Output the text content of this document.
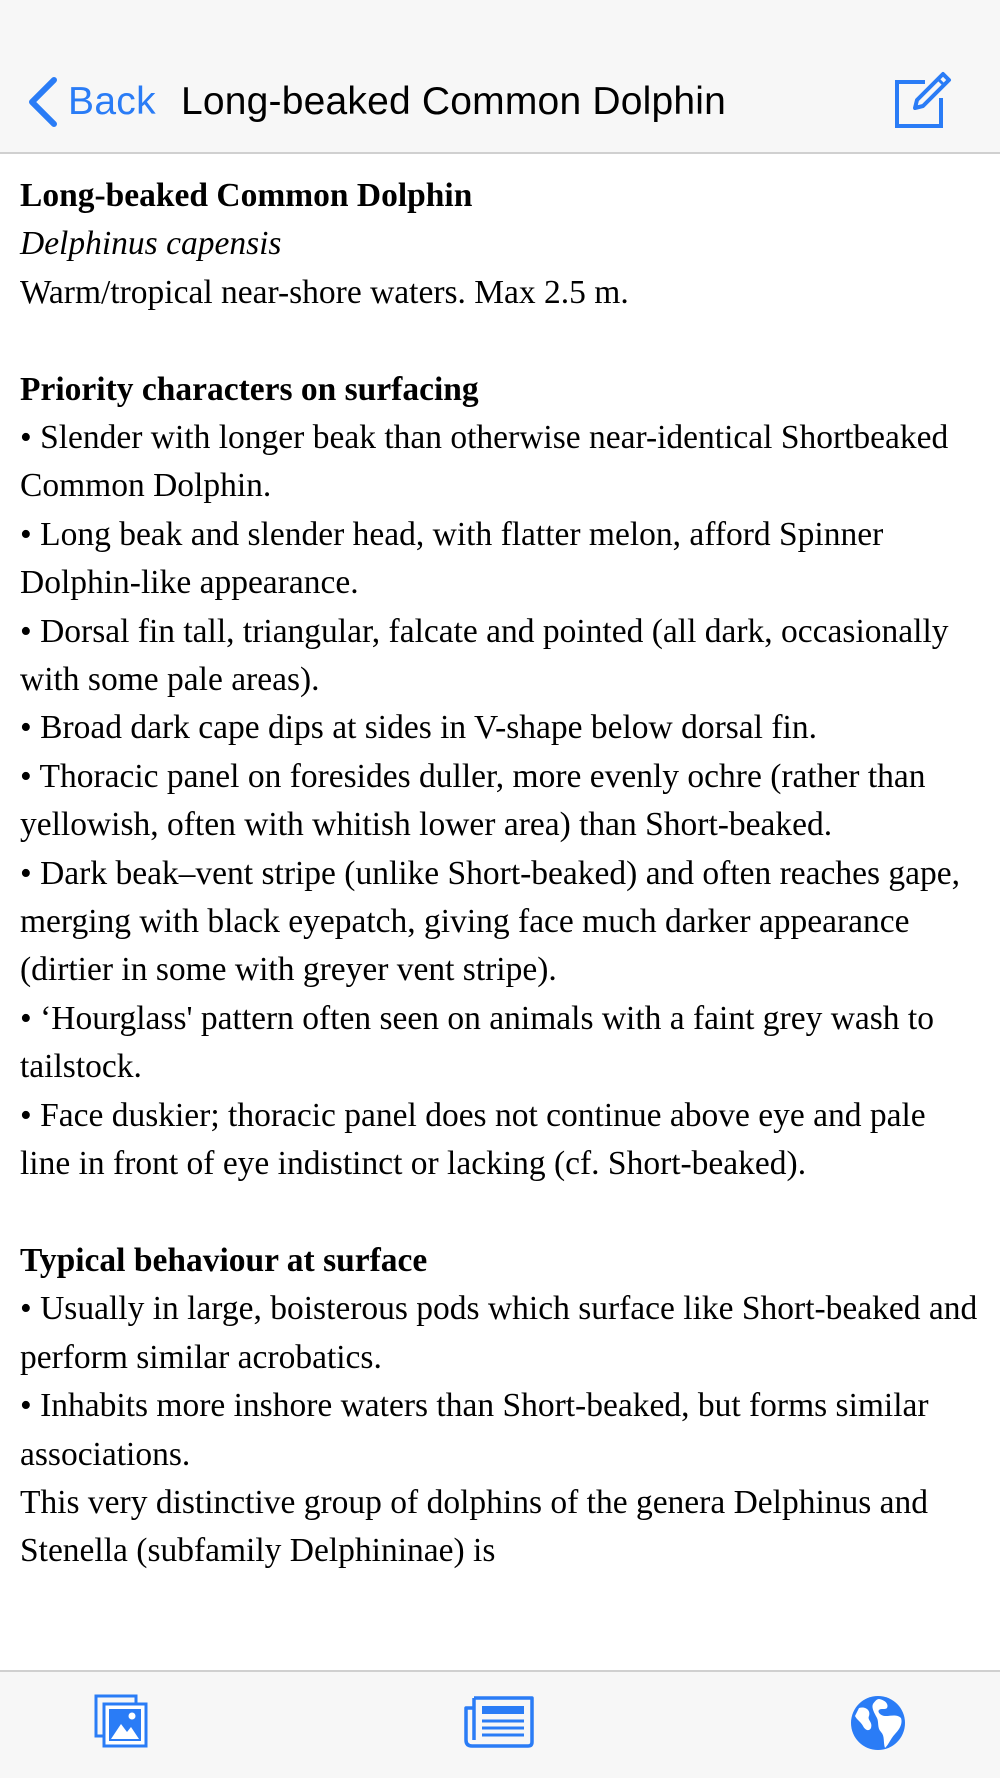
Back Long-beaked Common Dolphin

Long-beaked Common Dolphin

Delphinus capensis

Warm/tropical near-shore waters. Max 2.5 m.

Priority characters on surfacing

• Slender with longer beak than otherwise near-identical Shortbeaked Common Dolphin.

• Long beak and slender head, with flatter melon, afford Spinner Dolphin-like appearance.

• Dorsal fin tall, triangular, falcate and pointed (all dark, occasionally with some pale areas).

• Broad dark cape dips at sides in V-shape below dorsal fin.

• Thoracic panel on foresides duller, more evenly ochre (rather than yellowish, often with whitish lower area) than Short-beaked.

• Dark beak–vent stripe (unlike Short-beaked) and often reaches gape, merging with black eyepatch, giving face much darker appearance (dirtier in some with greyer vent stripe).

• ‘Hourglass' pattern often seen on animals with a faint grey wash to tailstock.

• Face duskier; thoracic panel does not continue above eye and pale line in front of eye indistinct or lacking (cf. Short-beaked).

Typical behaviour at surface

• Usually in large, boisterous pods which surface like Short-beaked and perform similar acrobatics.

• Inhabits more inshore waters than Short-beaked, but forms similar associations.

This very distinctive group of dolphins of the genera Delphinus and Stenella (subfamily Delphininae) is
